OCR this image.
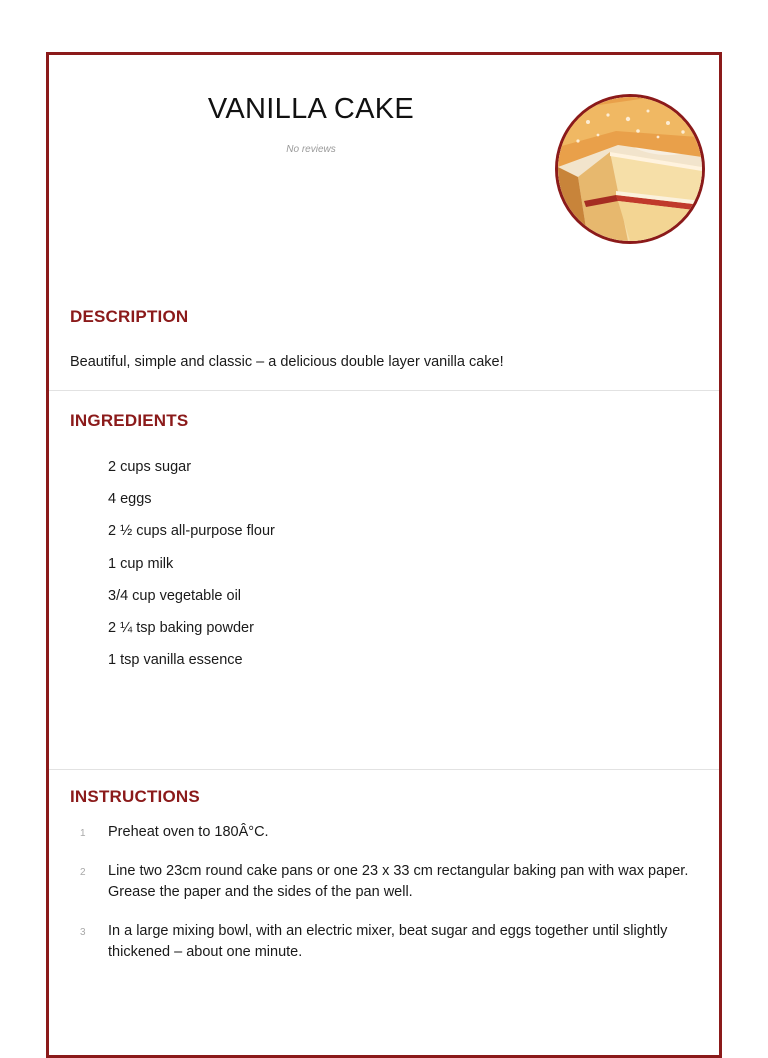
VANILLA CAKE
No reviews
DESCRIPTION
Beautiful, simple and classic – a delicious double layer vanilla cake!
INGREDIENTS
2 cups sugar
4 eggs
2 ½ cups all-purpose flour
1 cup milk
3/4 cup vegetable oil
2 ¼ tsp baking powder
1 tsp vanilla essence
INSTRUCTIONS
1 Preheat oven to 180Â°C.
2 Line two 23cm round cake pans or one 23 x 33 cm rectangular baking pan with wax paper. Grease the paper and the sides of the pan well.
3 In a large mixing bowl, with an electric mixer, beat sugar and eggs together until slightly thickened – about one minute.
